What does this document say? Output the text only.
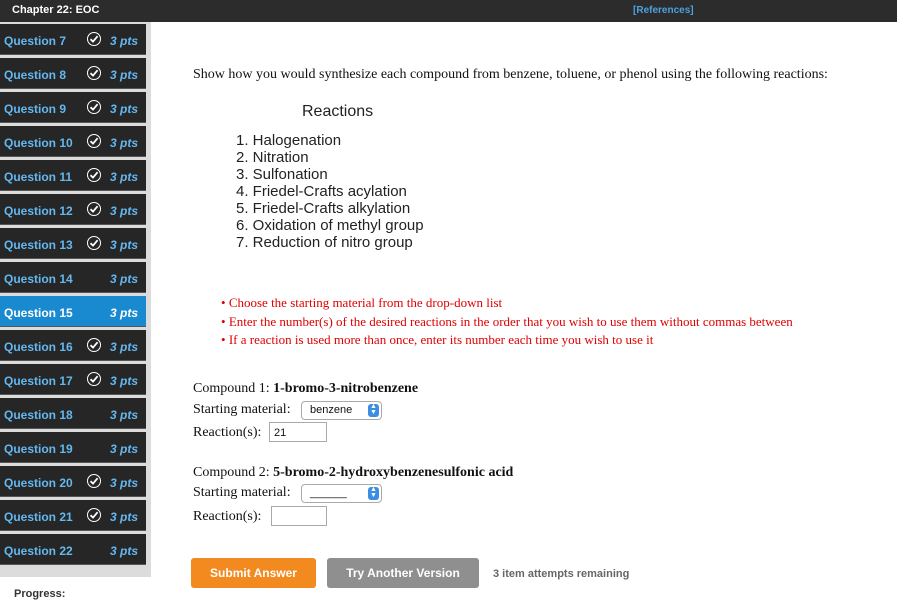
Chapter 22: EOC
[	References ]
Question 7	3 pts
Question 8	3 pts
Question 9	3 pts
Question 10	3 pts
Question 11	3 pts
Question 12	3 pts
Question 13	3 pts
Question 14	3 pts
Question 15	3 pts
Question 16	3 pts
Question 17	3 pts
Question 18	3 pts
Question 19	3 pts
Question 20	3 pts
Question 21	3 pts
Question 22	3 pts
Progress:
Show how you would synthesize each compound from benzene, toluene, or phenol using the following reactions:
Reactions
1. Halogenation
2. Nitration
3. Sulfonation
4. Friedel-Crafts acylation
5. Friedel-Crafts alkylation
6. Oxidation of methyl group
7. Reduction of nitro group
• Choose the starting material from the drop-down list
• Enter the number(s) of the desired reactions in the order that you wish to use them without commas between
• If a reaction is used more than once, enter its number each time you wish to use it
Compound 1: 1-bromo-3-nitrobenzene
Starting material: benzene	▲
▼
Reaction(s): 21
Compound 2: 5-bromo-2-hydroxybenzenesulfonic acid
Starting material: ______	▲
▼
Reaction(s):
Submit Answer	Try Another Version	3 item attempts remaining
